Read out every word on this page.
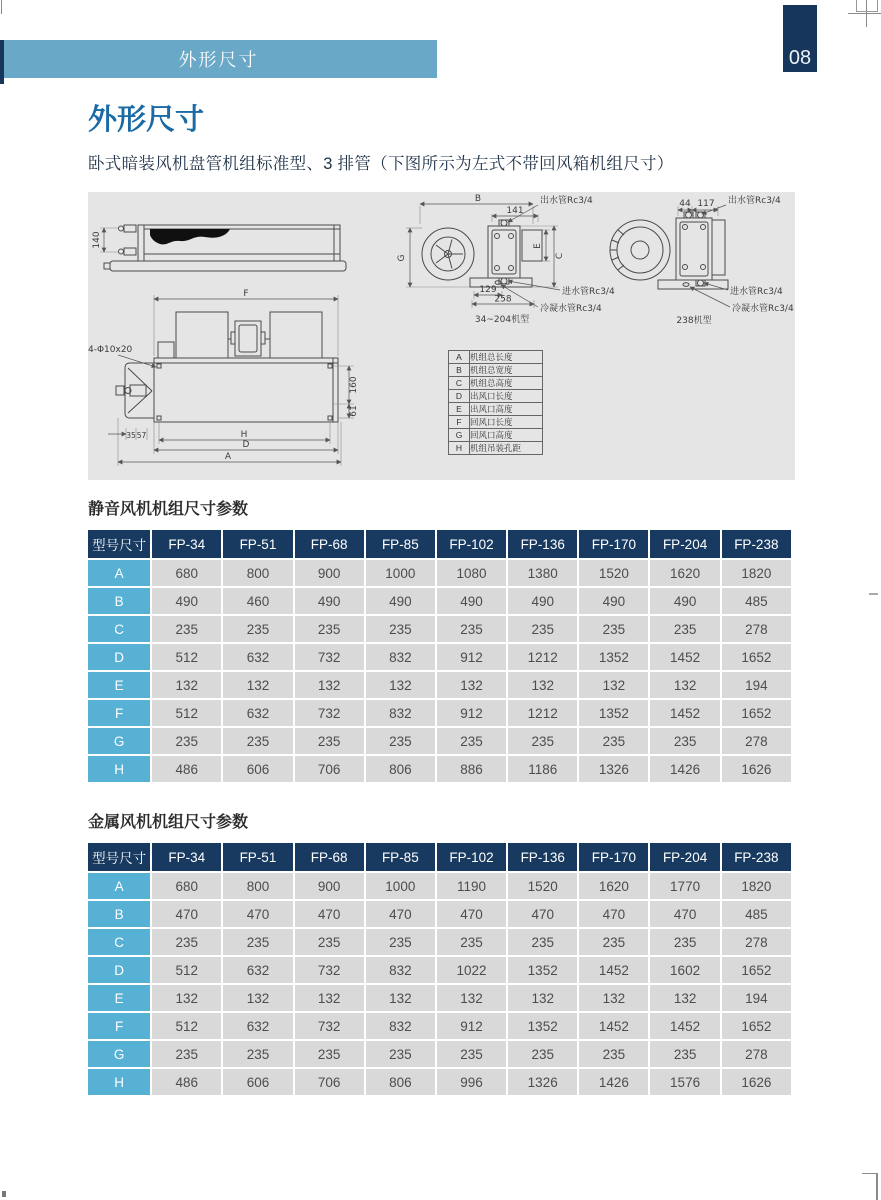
外形尺寸	08
外形尺寸

卧式暗装风机盘管机组标准型、3 排管（下图所示为左式不带回风箱机组尺寸）

140
F
4-Φ10x20
H
D
A
160
61
35 57
B
G
141
E
C
129
258
出水管Rc3/4
进水管Rc3/4
冷凝水管Rc3/4
34~204机型
44 117 出水管Rc3/4
进水管Rc3/4
冷凝水管Rc3/4
238机型
A	机组总长度
B	机组总宽度
C	机组总高度
D	出风口长度
E	出风口高度
F	回风口长度
G	回风口高度
H	机组吊装孔距
静音风机机组尺寸参数
型号尺寸	FP-34	FP-51	FP-68	FP-85	FP-102	FP-136	FP-170	FP-204	FP-238
A	680	800	900	1000	1080	1380	1520	1620	1820
B	490	460	490	490	490	490	490	490	485
C	235	235	235	235	235	235	235	235	278
D	512	632	732	832	912	1212	1352	1452	1652
E	132	132	132	132	132	132	132	132	194
F	512	632	732	832	912	1212	1352	1452	1652
G	235	235	235	235	235	235	235	235	278
H	486	606	706	806	886	1186	1326	1426	1626
金属风机机组尺寸参数
型号尺寸	FP-34	FP-51	FP-68	FP-85	FP-102	FP-136	FP-170	FP-204	FP-238
A	680	800	900	1000	1190	1520	1620	1770	1820
B	470	470	470	470	470	470	470	470	485
C	235	235	235	235	235	235	235	235	278
D	512	632	732	832	1022	1352	1452	1602	1652
E	132	132	132	132	132	132	132	132	194
F	512	632	732	832	912	1352	1452	1452	1652
G	235	235	235	235	235	235	235	235	278
H	486	606	706	806	996	1326	1426	1576	1626
